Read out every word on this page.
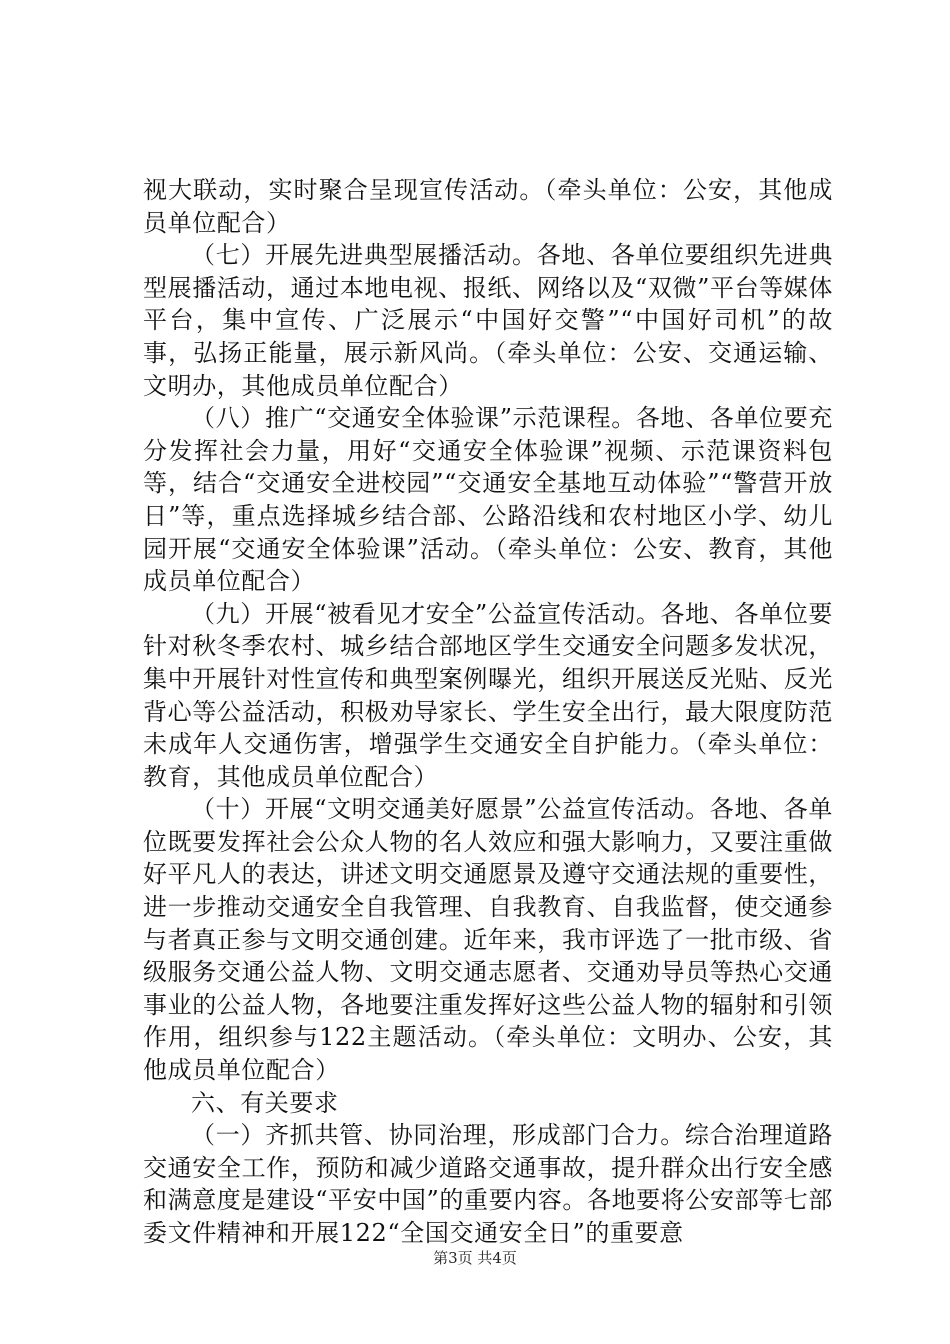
视大联动，实时聚合呈现宣传活动。（牵头单位：公安，其他成员单位配合）

（七）开展先进典型展播活动。各地、各单位要组织先进典型展播活动，通过本地电视、报纸、网络以及“双微”平台等媒体平台，集中宣传、广泛展示“中国好交警”“中国好司机”的故事，弘扬正能量，展示新风尚。（牵头单位：公安、交通运输、文明办，其他成员单位配合）

（八）推广“交通安全体验课”示范课程。各地、各单位要充分发挥社会力量，用好“交通安全体验课”视频、示范课资料包等，结合“交通安全进校园”“交通安全基地互动体验”“警营开放日”等，重点选择城乡结合部、公路沿线和农村地区小学、幼儿园开展“交通安全体验课”活动。（牵头单位：公安、教育，其他成员单位配合）

（九）开展“被看见才安全”公益宣传活动。各地、各单位要针对秋冬季农村、城乡结合部地区学生交通安全问题多发状况，集中开展针对性宣传和典型案例曝光，组织开展送反光贴、反光背心等公益活动，积极劝导家长、学生安全出行，最大限度防范未成年人交通伤害，增强学生交通安全自护能力。（牵头单位：教育，其他成员单位配合）

（十）开展“文明交通美好愿景”公益宣传活动。各地、各单位既要发挥社会公众人物的名人效应和强大影响力，又要注重做好平凡人的表达，讲述文明交通愿景及遵守交通法规的重要性，进一步推动交通安全自我管理、自我教育、自我监督，使交通参与者真正参与文明交通创建。近年来，我市评选了一批市级、省级服务交通公益人物、文明交通志愿者、交通劝导员等热心交通事业的公益人物，各地要注重发挥好这些公益人物的辐射和引领作用，组织参与122主题活动。（牵头单位：文明办、公安，其他成员单位配合）

六、有关要求

（一）齐抓共管、协同治理，形成部门合力。综合治理道路交通安全工作，预防和减少道路交通事故，提升群众出行安全感和满意度是建设“平安中国”的重要内容。各地要将公安部等七部委文件精神和开展122“全国交通安全日”的重要意

第3页 共4页
